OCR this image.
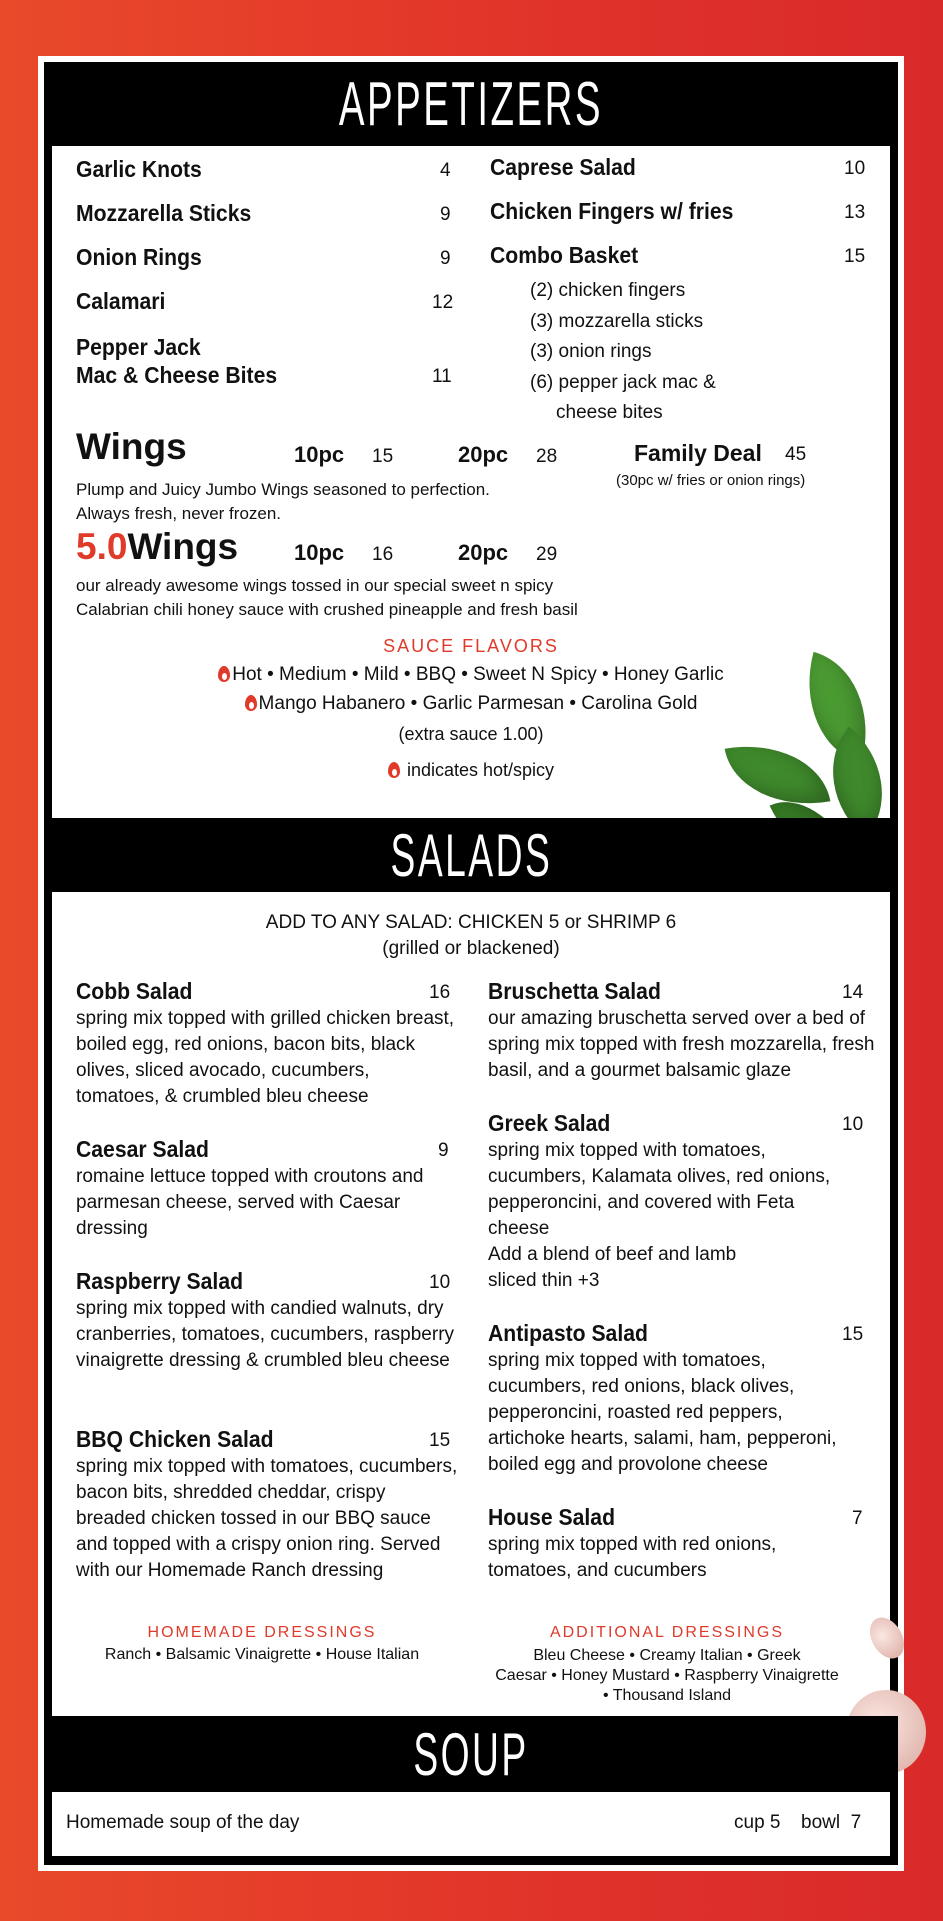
APPETIZERS
Garlic Knots	4
Mozzarella Sticks	9
Onion Rings	9
Calamari	12
Pepper Jack
Mac & Cheese Bites	11
Caprese Salad	10
Chicken Fingers w/ fries	13
Combo Basket	15
(2) chicken fingers
(3) mozzarella sticks
(3) onion rings
(6) pepper jack mac &
cheese bites
Wings	10pc 15	20pc 28
Plump and Juicy Jumbo Wings seasoned to perfection.
Always fresh, never frozen.
Family Deal 45
(30pc w/ fries or onion rings)
5.0Wings	10pc 16	20pc 29
our already awesome wings tossed in our special sweet n spicy
Calabrian chili honey sauce with crushed pineapple and fresh basil
SAUCE FLAVORS
Hot • Medium • Mild • BBQ • Sweet N Spicy • Honey Garlic
Mango Habanero • Garlic Parmesan • Carolina Gold
(extra sauce 1.00)
indicates hot/spicy
SALADS
ADD TO ANY SALAD: CHICKEN 5 or SHRIMP 6
(grilled or blackened)
Cobb Salad	16
spring mix topped with grilled chicken breast, boiled egg, red onions, bacon bits, black olives, sliced avocado, cucumbers, tomatoes, & crumbled bleu cheese
Caesar Salad	9
romaine lettuce topped with croutons and parmesan cheese, served with Caesar dressing
Raspberry Salad	10
spring mix topped with candied walnuts, dry cranberries, tomatoes, cucumbers, raspberry vinaigrette dressing & crumbled bleu cheese
BBQ Chicken Salad	15
spring mix topped with tomatoes, cucumbers, bacon bits, shredded cheddar, crispy breaded chicken tossed in our BBQ sauce and topped with a crispy onion ring. Served with our Homemade Ranch dressing
Bruschetta Salad	14
our amazing bruschetta served over a bed of spring mix topped with fresh mozzarella, fresh basil, and a gourmet balsamic glaze
Greek Salad	10
spring mix topped with tomatoes, cucumbers, Kalamata olives, red onions, pepperoncini, and covered with Feta cheese
Add a blend of beef and lamb sliced thin +3
Antipasto Salad	15
spring mix topped with tomatoes, cucumbers, red onions, black olives, pepperoncini, roasted red peppers, artichoke hearts, salami, ham, pepperoni, boiled egg and provolone cheese
House Salad	7
spring mix topped with red onions, tomatoes, and cucumbers
HOMEMADE DRESSINGS
Ranch • Balsamic Vinaigrette • House Italian
ADDITIONAL DRESSINGS
Bleu Cheese • Creamy Italian • Greek
Caesar • Honey Mustard • Raspberry Vinaigrette
• Thousand Island
SOUP
Homemade soup of the day	cup 5 bowl  7
